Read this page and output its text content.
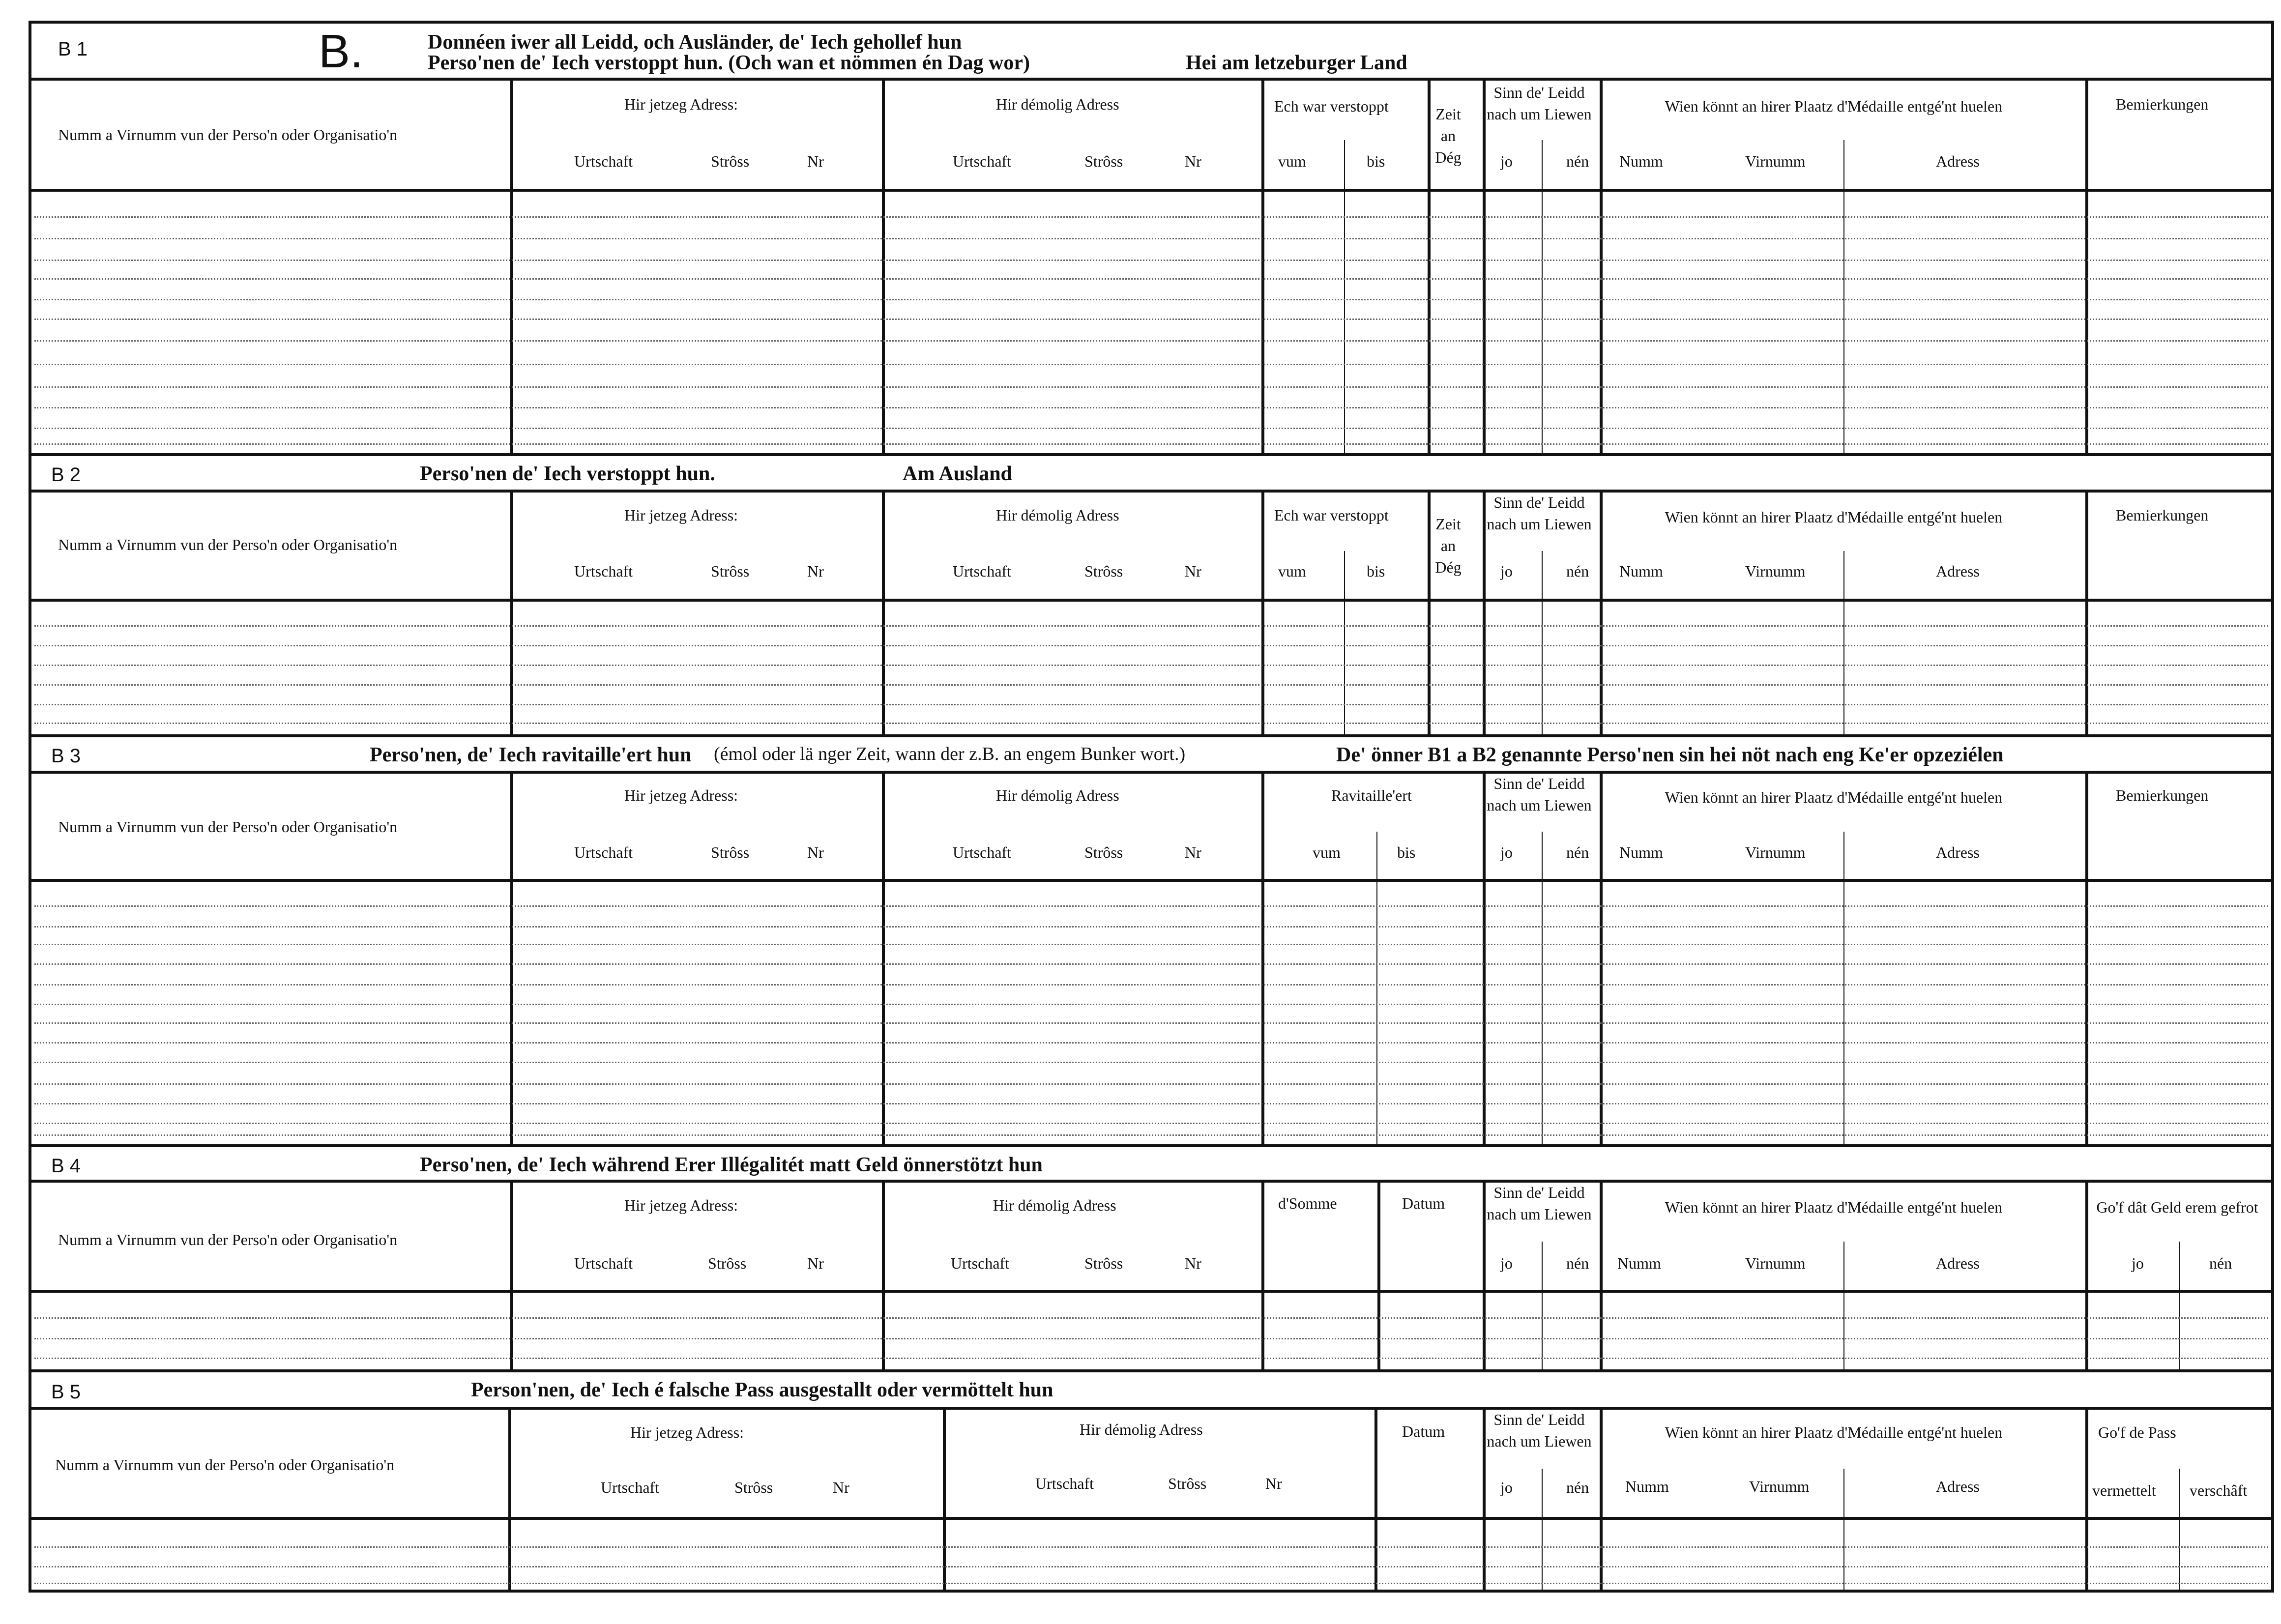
B 1	B.	Donnéen iwer all Leidd, och Ausländer, de' Iech gehollef hun
Perso'nen de' Iech verstoppt hun. (Och wan et nömmen én Dag wor)	Hei am letzeburger Land
Numm a Virnumm vun der Perso'n oder Organisatio'n
Hir jetzeg Adress:
Urtschaft	Strôss	Nr
Hir démolig Adress
Urtschaft	Strôss	Nr
Ech war verstoppt
vum	bis
Zeit an Dég
Sinn de' Leidd nach um Liewen
jo	nén
Wien könnt an hirer Plaatz d'Médaille entgé'nt huelen
Numm	Virnumm	Adress
Bemierkungen
B 2	Perso'nen de' Iech verstoppt hun.	Am Ausland
Numm a Virnumm vun der Perso'n oder Organisatio'n
Hir jetzeg Adress:
Urtschaft	Strôss	Nr
Hir démolig Adress
Urtschaft	Strôss	Nr
Ech war verstoppt
vum	bis
Zeit an Dég
Sinn de' Leidd nach um Liewen
jo	nén
Wien könnt an hirer Plaatz d'Médaille entgé'nt huelen
Numm	Virnumm	Adress
Bemierkungen
B 3	Perso'nen, de' Iech ravitaille'ert hun (émol oder lä nger Zeit, wann der z.B. an engem Bunker wort.)	De' önner B1 a B2 genannte Perso'nen sin hei nöt nach eng Ke'er opzeziélen
Numm a Virnumm vun der Perso'n oder Organisatio'n
Hir jetzeg Adress:
Urtschaft	Strôss	Nr
Hir démolig Adress
Urtschaft	Strôss	Nr
Ravitaille'ert
vum	bis
Sinn de' Leidd nach um Liewen
jo	nén
Wien könnt an hirer Plaatz d'Médaille entgé'nt huelen
Numm	Virnumm	Adress
Bemierkungen
B 4	Perso'nen, de' Iech während Erer Illégalitét matt Geld önnerstötzt hun
Numm a Virnumm vun der Perso'n oder Organisatio'n
Hir jetzeg Adress:
Urtschaft	Strôss	Nr
Hir démolig Adress
Urtschaft	Strôss	Nr
d'Somme	Datum
Sinn de' Leidd nach um Liewen
jo	nén
Wien könnt an hirer Plaatz d'Médaille entgé'nt huelen
Numm	Virnumm	Adress
Go'f dât Geld erem gefrot
jo	nén
B 5	Person'nen, de' Iech é falsche Pass ausgestallt oder vermöttelt hun
Numm a Virnumm vun der Perso'n oder Organisatio'n
Hir jetzeg Adress:
Urtschaft	Strôss	Nr
Hir démolig Adress
Urtschaft	Strôss	Nr
Datum
Sinn de' Leidd nach um Liewen
jo	nén
Wien könnt an hirer Plaatz d'Médaille entgé'nt huelen
Numm	Virnumm	Adress
Go'f de Pass
vermettelt verschâft
